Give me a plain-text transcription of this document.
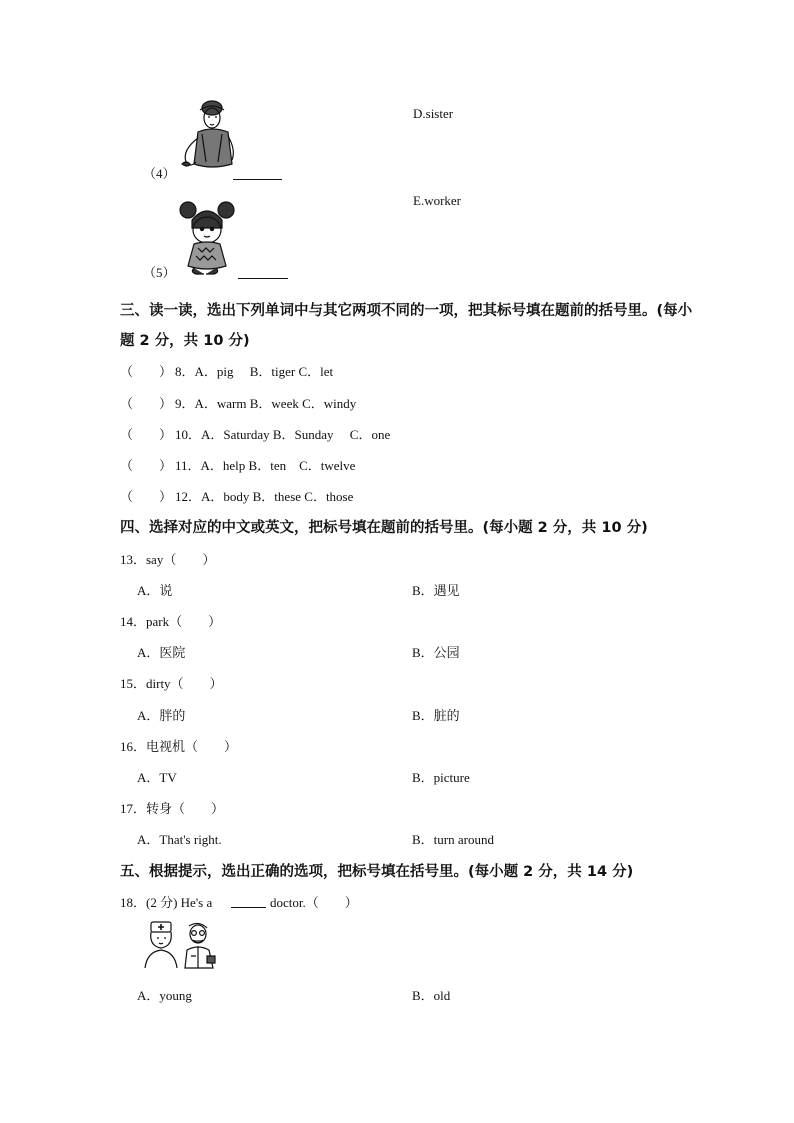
（4）
D.sister
（5）
E.worker
三、读一读，选出下列单词中与其它两项不同的一项，把其标号填在题前的括号里。(每小
题 2 分，共 10 分)
（　　） 8．A．pig　 B．tiger C．let
（　　） 9．A．warm B．week C．windy
（　　） 10．A．Saturday B．Sunday　 C．one
（　　） 11．A．help B．ten　C．twelve
（　　） 12．A．body B．these C．those
四、选择对应的中文或英文，把标号填在题前的括号里。(每小题 2 分，共 10 分)
13．say（　　）
A．说	B．遇见
14．park（　　）
A．医院	B．公园
15．dirty（　　）
A．胖的	B．脏的
16．电视机（　　）
A．TV	B．picture
17．转身（　　）
A．That's right.	B．turn around
五、根据提示，选出正确的选项，把标号填在括号里。(每小题 2 分，共 14 分)
18．(2 分) He's a	doctor.（　　）
A．young	B．old
